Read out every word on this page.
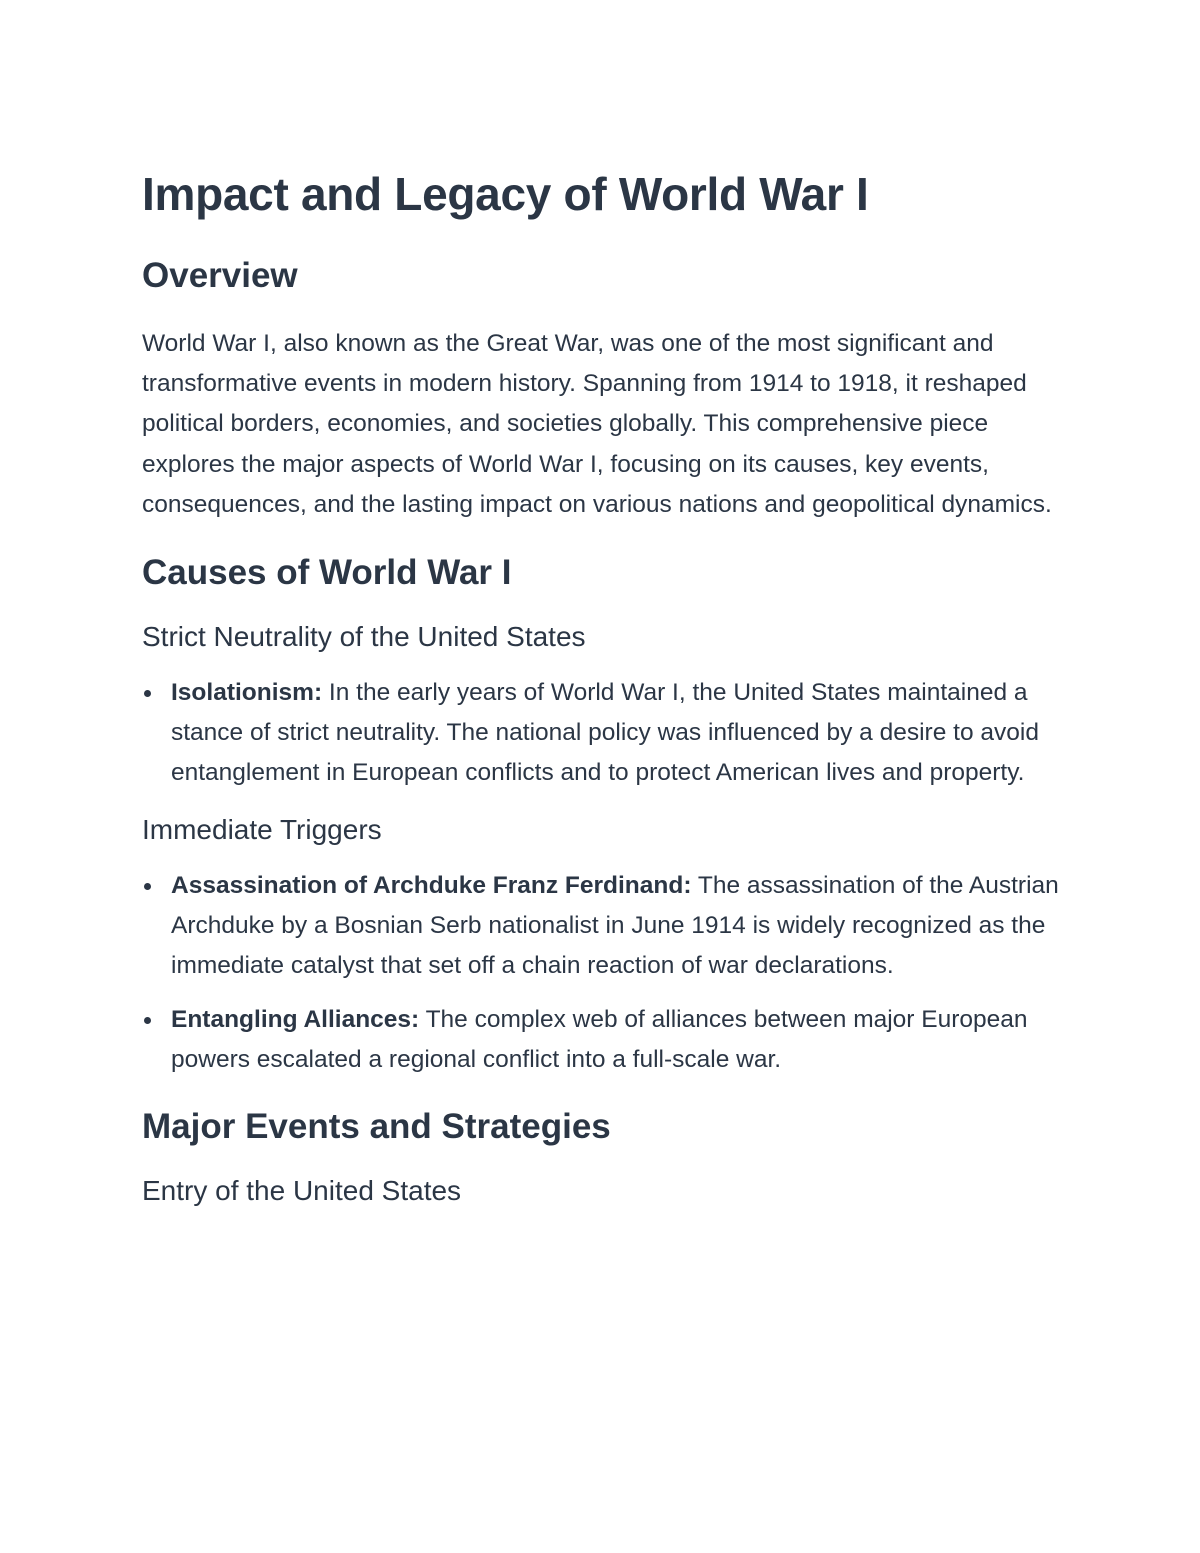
Impact and Legacy of World War I
Overview

World War I, also known as the Great War, was one of the most significant and transformative events in modern history. Spanning from 1914 to 1918, it reshaped political borders, economies, and societies globally. This comprehensive piece explores the major aspects of World War I, focusing on its causes, key events, consequences, and the lasting impact on various nations and geopolitical dynamics.

Causes of World War I
Strict Neutrality of the United States
Isolationism: In the early years of World War I, the United States maintained a stance of strict neutrality. The national policy was influenced by a desire to avoid entanglement in European conflicts and to protect American lives and property.
Immediate Triggers
Assassination of Archduke Franz Ferdinand: The assassination of the Austrian Archduke by a Bosnian Serb nationalist in June 1914 is widely recognized as the immediate catalyst that set off a chain reaction of war declarations.
Entangling Alliances: The complex web of alliances between major European powers escalated a regional conflict into a full-scale war.
Major Events and Strategies
Entry of the United States
